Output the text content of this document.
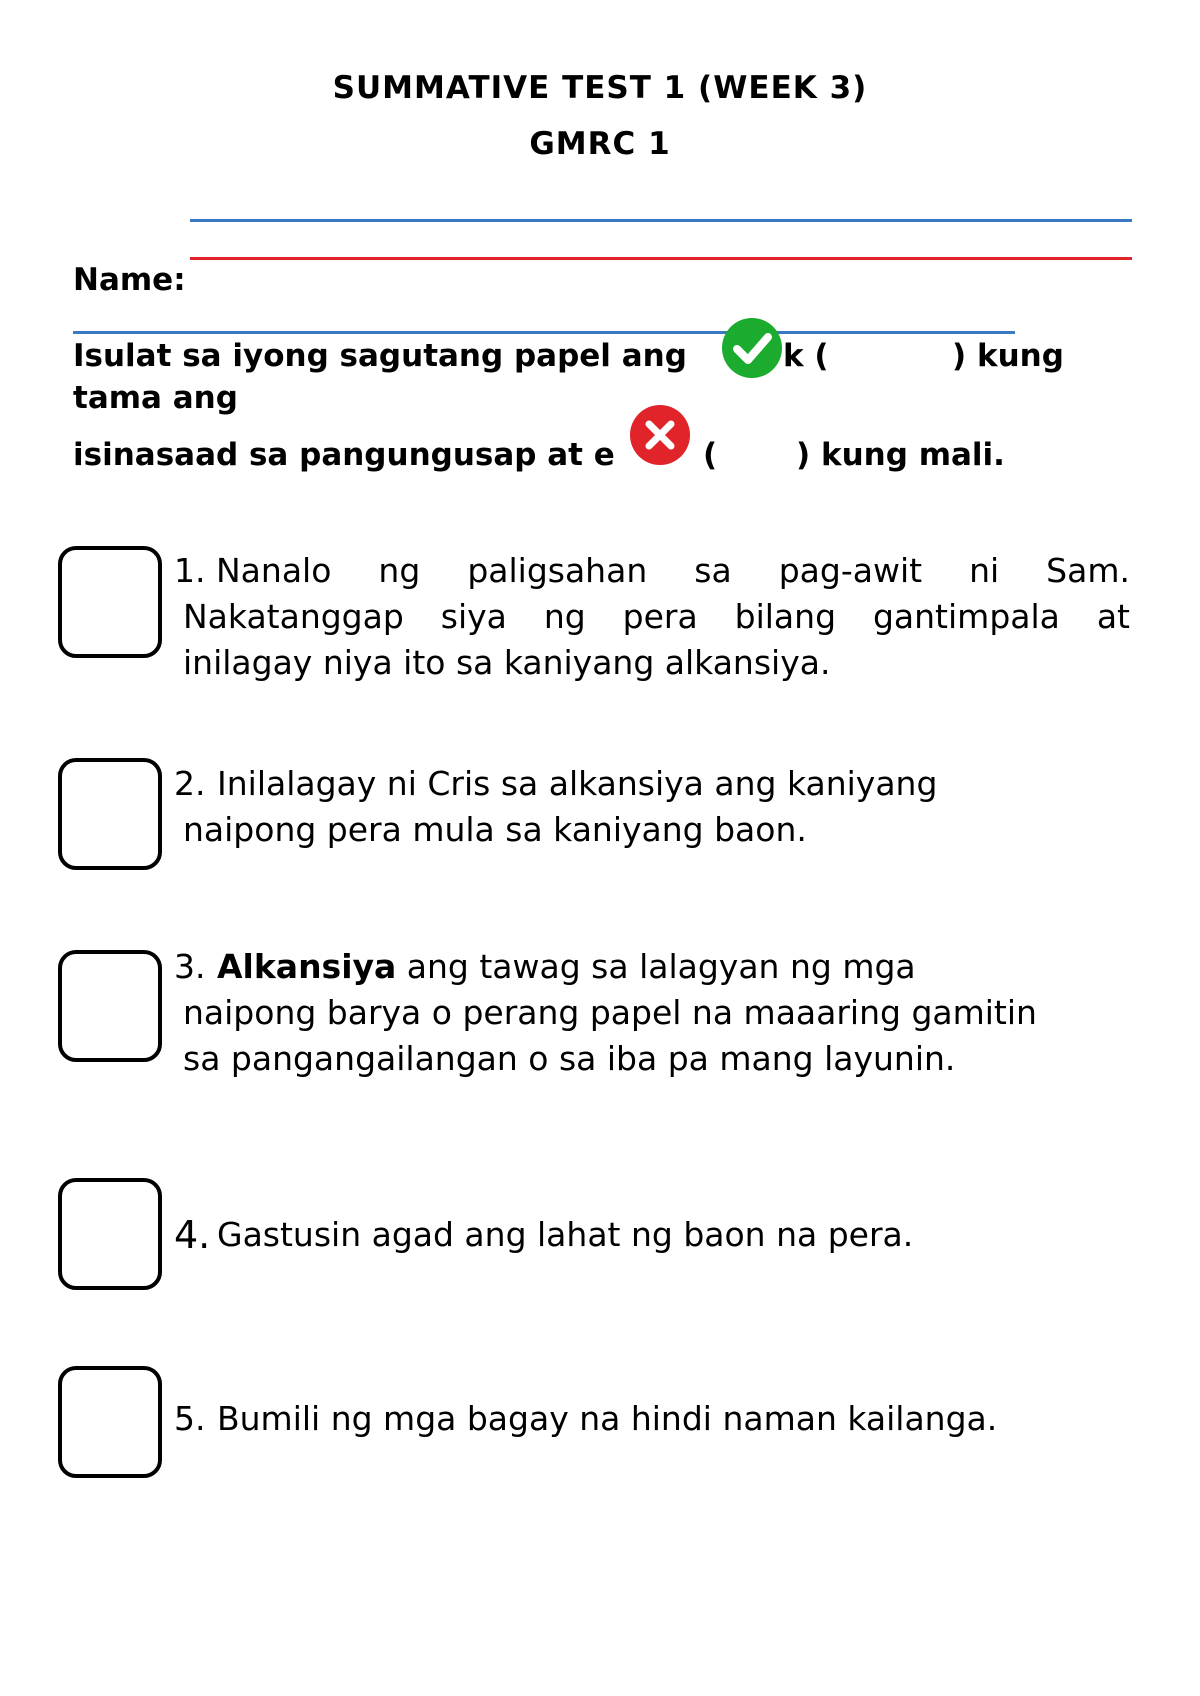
SUMMATIVE TEST 1 (WEEK 3)
GMRC 1
Name:
Isulat sa iyong sagutang papel ang	k (	) kung
tama ang
isinasaad sa pangungusap at e	(	) kung mali.
1. Nanalo ng paligsahan sa pag-awit ni Sam.
Nakatanggap siya ng pera bilang gantimpala at
inilagay niya ito sa kaniyang alkansiya.
2. Inilalagay ni Cris sa alkansiya ang kaniyang
naipong pera mula sa kaniyang baon.
3. Alkansiya ang tawag sa lalagyan ng mga
naipong barya o perang papel na maaaring gamitin
sa pangangailangan o sa iba pa mang layunin.
4. Gastusin agad ang lahat ng baon na pera.
5. Bumili ng mga bagay na hindi naman kailanga.
